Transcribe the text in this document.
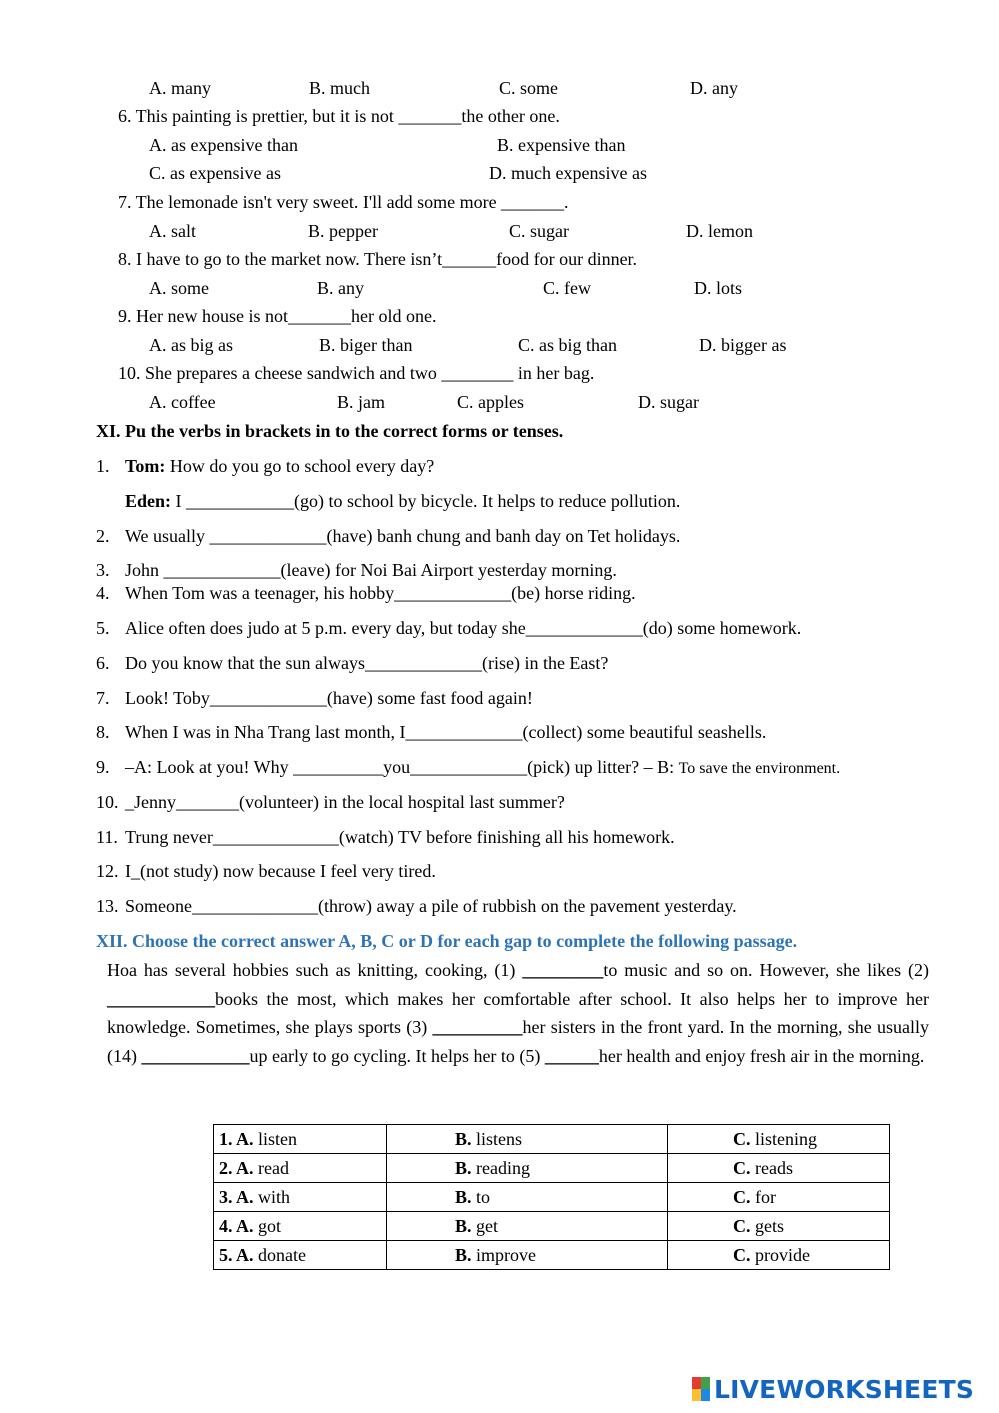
A. many	B. much	C. some	D. any
6. This painting is prettier, but it is not _______the other one.
A. as expensive than	B. expensive than
C. as expensive as	D. much expensive as
7. The lemonade isn't very sweet. I'll add some more _______.
A. salt	B. pepper	C. sugar	D. lemon
8. I have to go to the market now. There isn’t______food for our dinner.
A. some	B. any	C. few	D. lots
9. Her new house is not_______her old one.
A. as big as	B. biger than	C. as big than	D. bigger as
10. She prepares a cheese sandwich and two ________ in her bag.
A. coffee	B. jam	C. apples	D. sugar
XI. Pu the verbs in brackets in to the correct forms or tenses.
1. Tom: How do you go to school every day?
Eden: I ____________(go) to school by bicycle. It helps to reduce pollution.
2. We usually _____________(have) banh chung and banh day on Tet holidays.
3. John _____________(leave) for Noi Bai Airport yesterday morning.
4. When Tom was a teenager, his hobby_____________(be) horse riding.
5. Alice often does judo at 5 p.m. every day, but today she_____________(do) some homework.
6. Do you know that the sun always_____________(rise) in the East?
7. Look! Toby_____________(have) some fast food again!
8. When I was in Nha Trang last month, I_____________(collect) some beautiful seashells.
9. –A: Look at you! Why __________you_____________(pick) up litter? – B: To save the environment.
10. _Jenny_______(volunteer) in the local hospital last summer?
11. Trung never______________(watch) TV before finishing all his homework.
12. I_(not study) now because I feel very tired.
13. Someone______________(throw) away a pile of rubbish on the pavement yesterday.
XII. Choose the correct answer A, B, C or D for each gap to complete the following passage.
Hoa has several hobbies such as knitting, cooking, (1) _________to music and so on. However, she likes (2) ____________books the most, which makes her comfortable after school. It also helps her to improve her knowledge. Sometimes, she plays sports (3) __________her sisters in the front yard. In the morning, she usually (14) ____________up early to go cycling. It helps her to (5) ______her health and enjoy fresh air in the morning.
1. A. listen	B. listens	C. listening
2. A. read	B. reading	C. reads
3. A. with	B. to	C. for
4. A. got	B. get	C. gets
5. A. donate	B. improve	C. provide
LIVEWORKSHEETS
